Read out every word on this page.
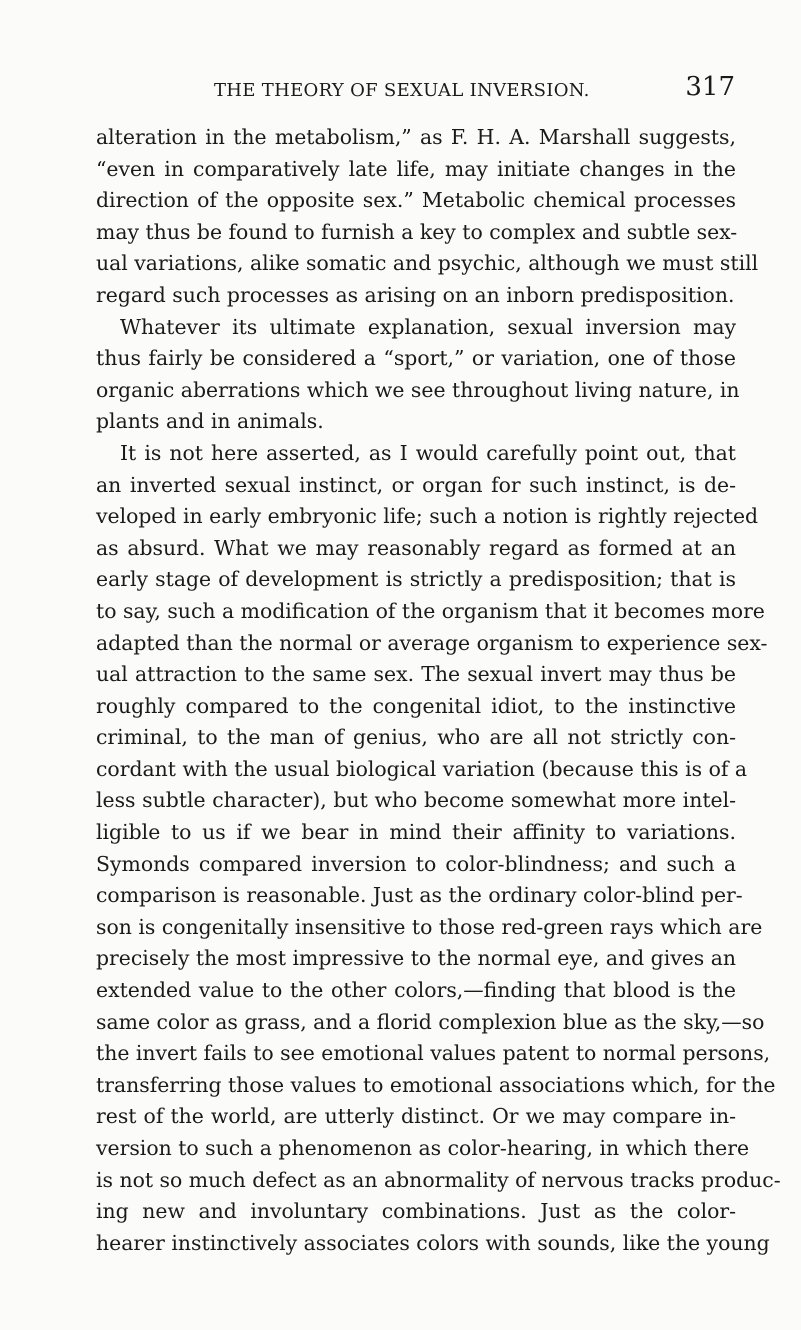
THE THEORY OF SEXUAL INVERSION.	317
alteration in the metabolism,” as F. H. A. Marshall suggests,
“even in comparatively late life, may initiate changes in the
direction of the opposite sex.” Metabolic chemical processes
may thus be found to furnish a key to complex and subtle sex-
ual variations, alike somatic and psychic, although we must still
regard such processes as arising on an inborn predisposition.
Whatever its ultimate explanation, sexual inversion may
thus fairly be considered a “sport,” or variation, one of those
organic aberrations which we see throughout living nature, in
plants and in animals.
It is not here asserted, as I would carefully point out, that
an inverted sexual instinct, or organ for such instinct, is de-
veloped in early embryonic life; such a notion is rightly rejected
as absurd. What we may reasonably regard as formed at an
early stage of development is strictly a predisposition; that is
to say, such a modification of the organism that it becomes more
adapted than the normal or average organism to experience sex-
ual attraction to the same sex. The sexual invert may thus be
roughly compared to the congenital idiot, to the instinctive
criminal, to the man of genius, who are all not strictly con-
cordant with the usual biological variation (because this is of a
less subtle character), but who become somewhat more intel-
ligible to us if we bear in mind their affinity to variations.
Symonds compared inversion to color-blindness; and such a
comparison is reasonable. Just as the ordinary color-blind per-
son is congenitally insensitive to those red-green rays which are
precisely the most impressive to the normal eye, and gives an
extended value to the other colors,—finding that blood is the
same color as grass, and a florid complexion blue as the sky,—so
the invert fails to see emotional values patent to normal persons,
transferring those values to emotional associations which, for the
rest of the world, are utterly distinct. Or we may compare in-
version to such a phenomenon as color-hearing, in which there
is not so much defect as an abnormality of nervous tracks produc-
ing new and involuntary combinations. Just as the color-
hearer instinctively associates colors with sounds, like the young
